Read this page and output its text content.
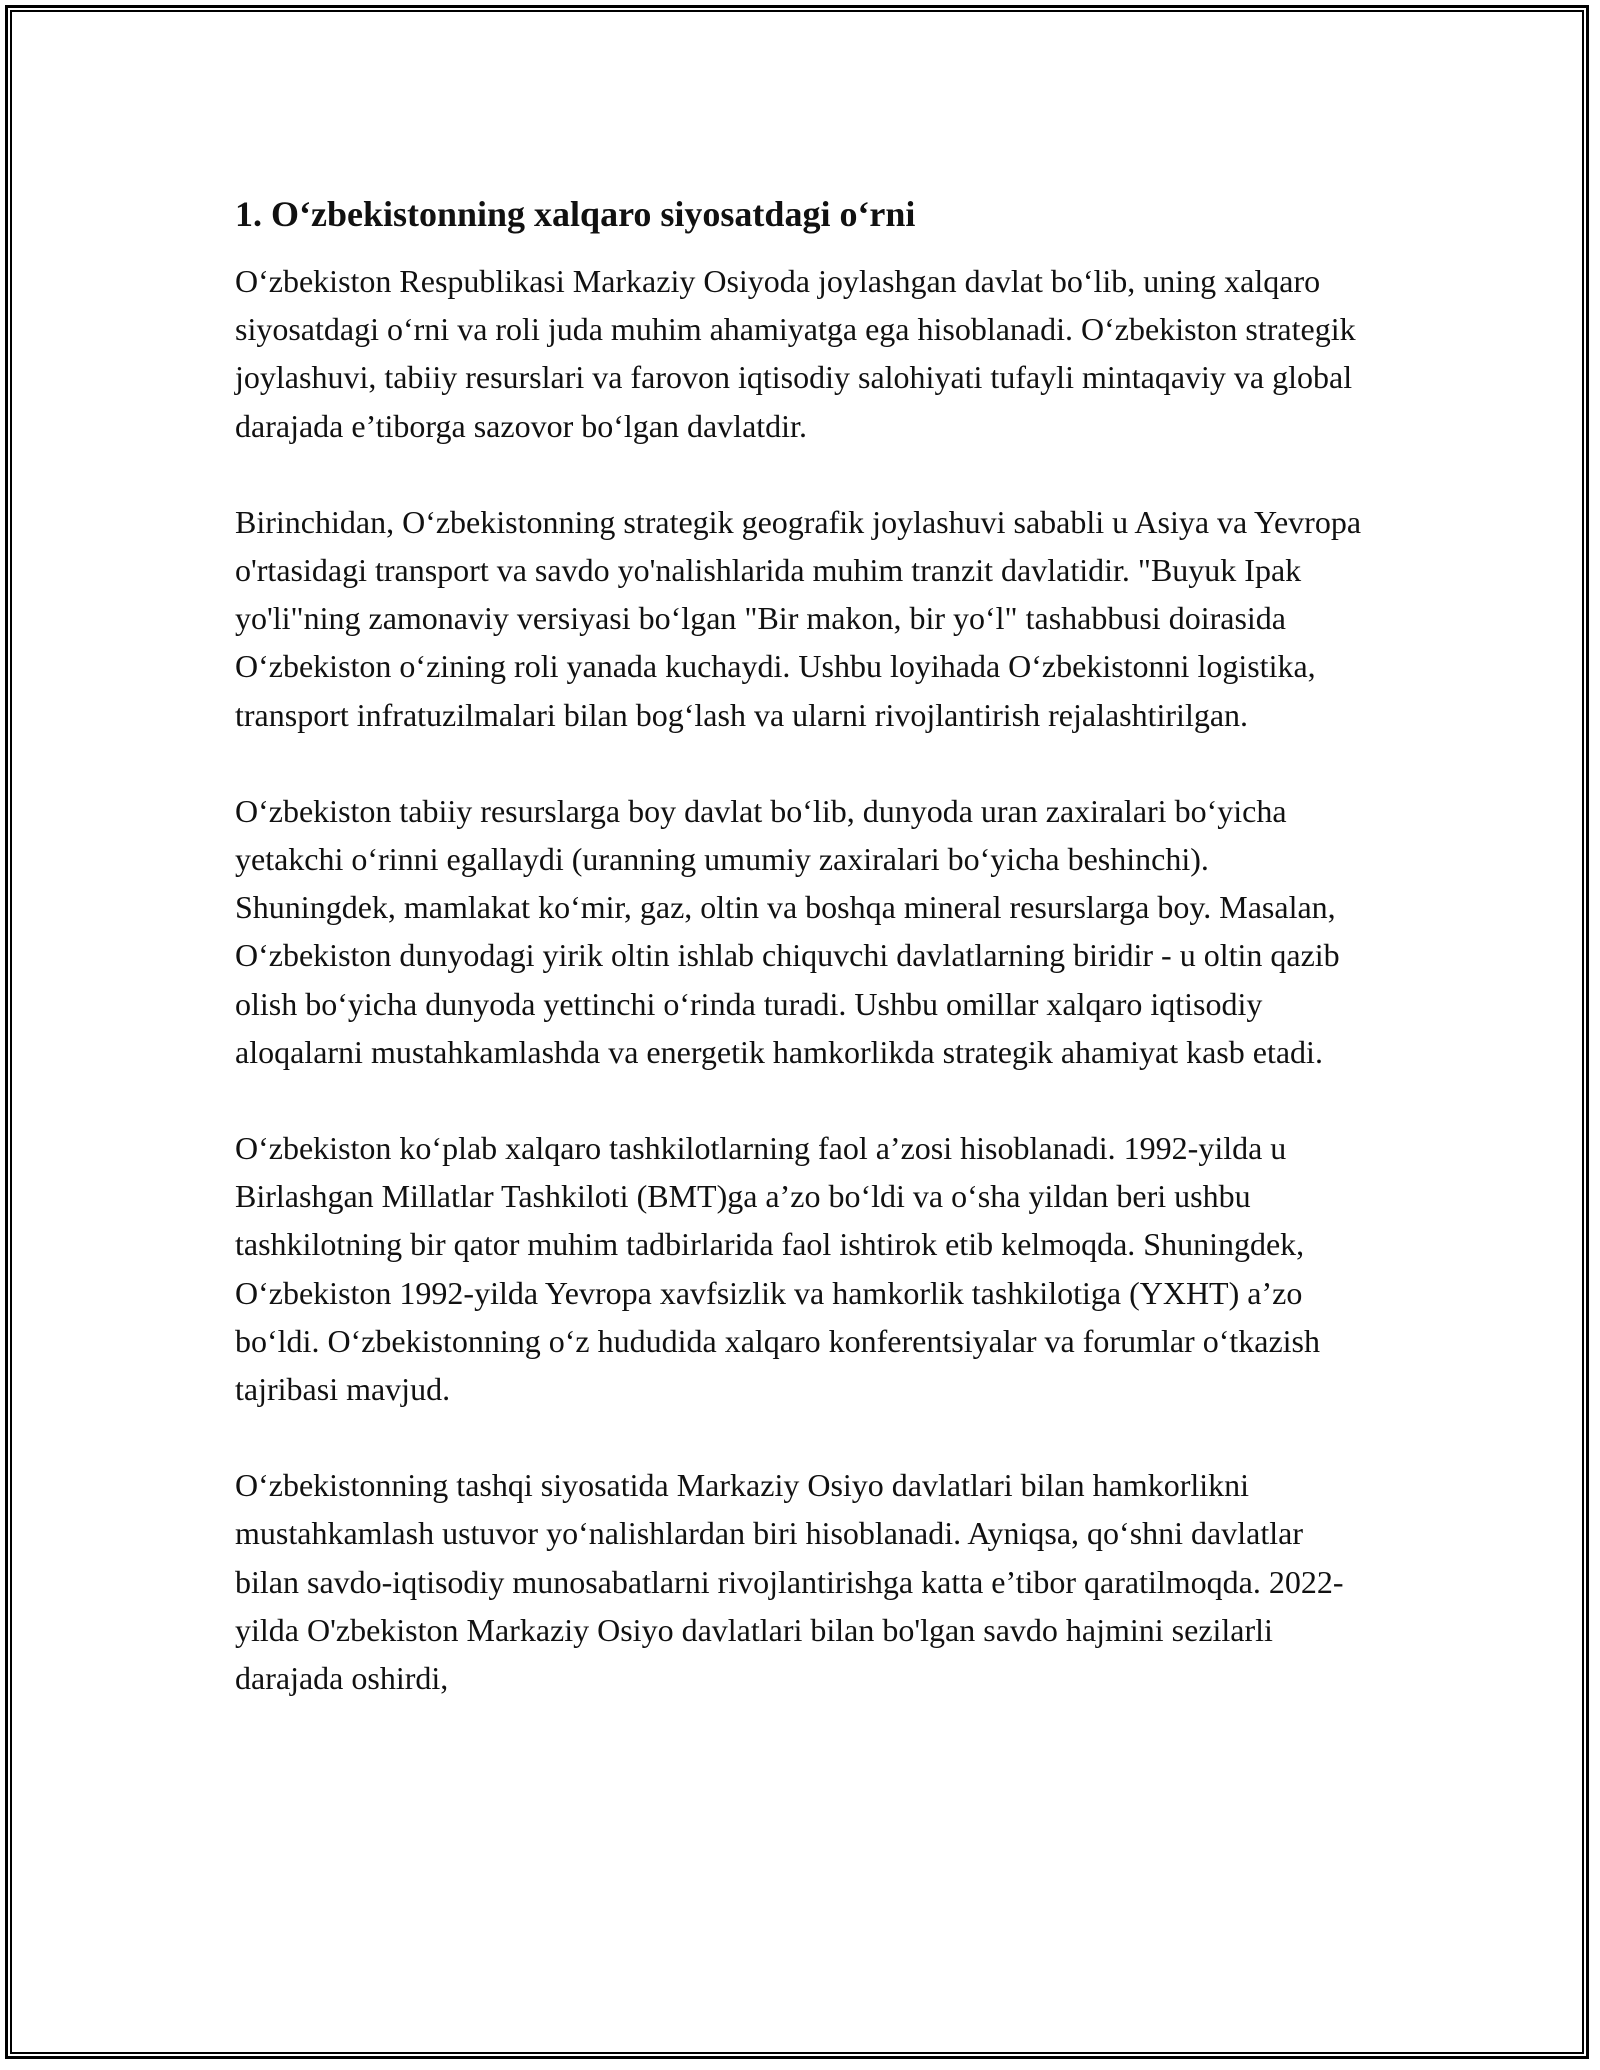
1. O‘zbekistonning xalqaro siyosatdagi o‘rni

O‘zbekiston Respublikasi Markaziy Osiyoda joylashgan davlat bo‘lib, uning xalqaro siyosatdagi o‘rni va roli juda muhim ahamiyatga ega hisoblanadi. O‘zbekiston strategik joylashuvi, tabiiy resurslari va farovon iqtisodiy salohiyati tufayli mintaqaviy va global darajada e’tiborga sazovor bo‘lgan davlatdir.

Birinchidan, O‘zbekistonning strategik geografik joylashuvi sababli u Asiya va Yevropa o'rtasidagi transport va savdo yo'nalishlarida muhim tranzit davlatidir. "Buyuk Ipak yo'li"ning zamonaviy versiyasi bo‘lgan "Bir makon, bir yo‘l" tashabbusi doirasida O‘zbekiston o‘zining roli yanada kuchaydi. Ushbu loyihada O‘zbekistonni logistika, transport infratuzilmalari bilan bog‘lash va ularni rivojlantirish rejalashtirilgan.

O‘zbekiston tabiiy resurslarga boy davlat bo‘lib, dunyoda uran zaxiralari bo‘yicha yetakchi o‘rinni egallaydi (uranning umumiy zaxiralari bo‘yicha beshinchi). Shuningdek, mamlakat ko‘mir, gaz, oltin va boshqa mineral resurslarga boy. Masalan, O‘zbekiston dunyodagi yirik oltin ishlab chiquvchi davlatlarning biridir - u oltin qazib olish bo‘yicha dunyoda yettinchi o‘rinda turadi. Ushbu omillar xalqaro iqtisodiy aloqalarni mustahkamlashda va energetik hamkorlikda strategik ahamiyat kasb etadi.

O‘zbekiston ko‘plab xalqaro tashkilotlarning faol a’zosi hisoblanadi. 1992-yilda u Birlashgan Millatlar Tashkiloti (BMT)ga a’zo bo‘ldi va o‘sha yildan beri ushbu tashkilotning bir qator muhim tadbirlarida faol ishtirok etib kelmoqda. Shuningdek, O‘zbekiston 1992-yilda Yevropa xavfsizlik va hamkorlik tashkilotiga (YXHT) a’zo bo‘ldi. O‘zbekistonning o‘z hududida xalqaro konferentsiyalar va forumlar o‘tkazish tajribasi mavjud.

O‘zbekistonning tashqi siyosatida Markaziy Osiyo davlatlari bilan hamkorlikni mustahkamlash ustuvor yo‘nalishlardan biri hisoblanadi. Ayniqsa, qo‘shni davlatlar bilan savdo-iqtisodiy munosabatlarni rivojlantirishga katta e’tibor qaratilmoqda. 2022-yilda O'zbekiston Markaziy Osiyo davlatlari bilan bo'lgan savdo hajmini sezilarli darajada oshirdi,
